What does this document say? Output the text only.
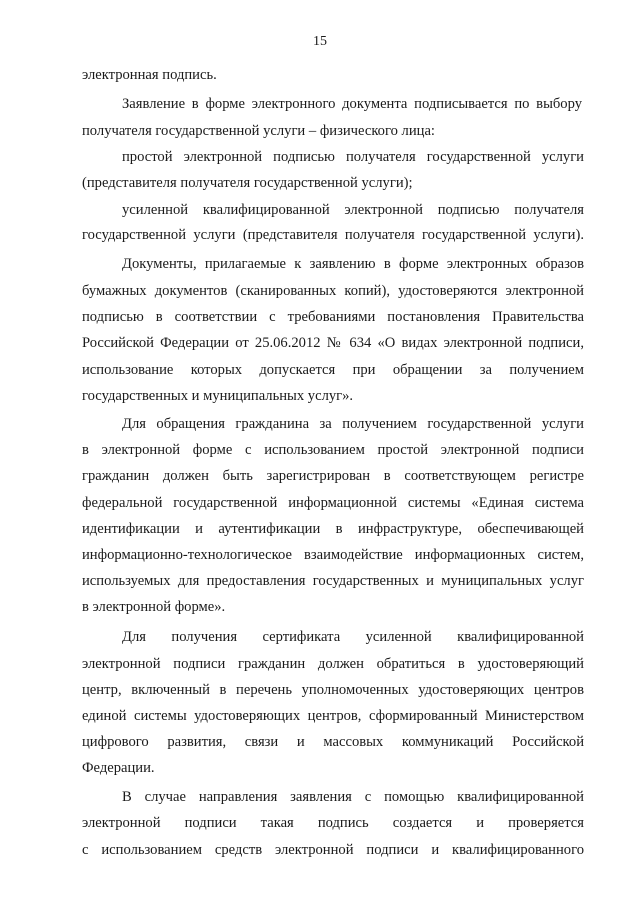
15
электронная подпись.
Заявление в форме электронного документа подписывается по выбору
получателя государственной услуги – физического лица:
простой электронной подписью получателя государственной услуги
(представителя получателя государственной услуги);
усиленной квалифицированной электронной подписью получателя
государственной услуги (представителя получателя государственной услуги).
Документы, прилагаемые к заявлению в форме электронных образов
бумажных документов (сканированных копий), удостоверяются электронной
подписью в соответствии с требованиями постановления Правительства
Российской Федерации от 25.06.2012 № 634 «О видах электронной подписи,
использование которых допускается при обращении за получением
государственных и муниципальных услуг».
Для обращения гражданина за получением государственной услуги
в электронной форме с использованием простой электронной подписи
гражданин должен быть зарегистрирован в соответствующем регистре
федеральной государственной информационной системы «Единая система
идентификации и аутентификации в инфраструктуре, обеспечивающей
информационно-технологическое взаимодействие информационных систем,
используемых для предоставления государственных и муниципальных услуг
в электронной форме».
Для получения сертификата усиленной квалифицированной
электронной подписи гражданин должен обратиться в удостоверяющий
центр, включенный в перечень уполномоченных удостоверяющих центров
единой системы удостоверяющих центров, сформированный Министерством
цифрового развития, связи и массовых коммуникаций Российской
Федерации.
В случае направления заявления с помощью квалифицированной
электронной подписи такая подпись создается и проверяется
с использованием средств электронной подписи и квалифицированного
